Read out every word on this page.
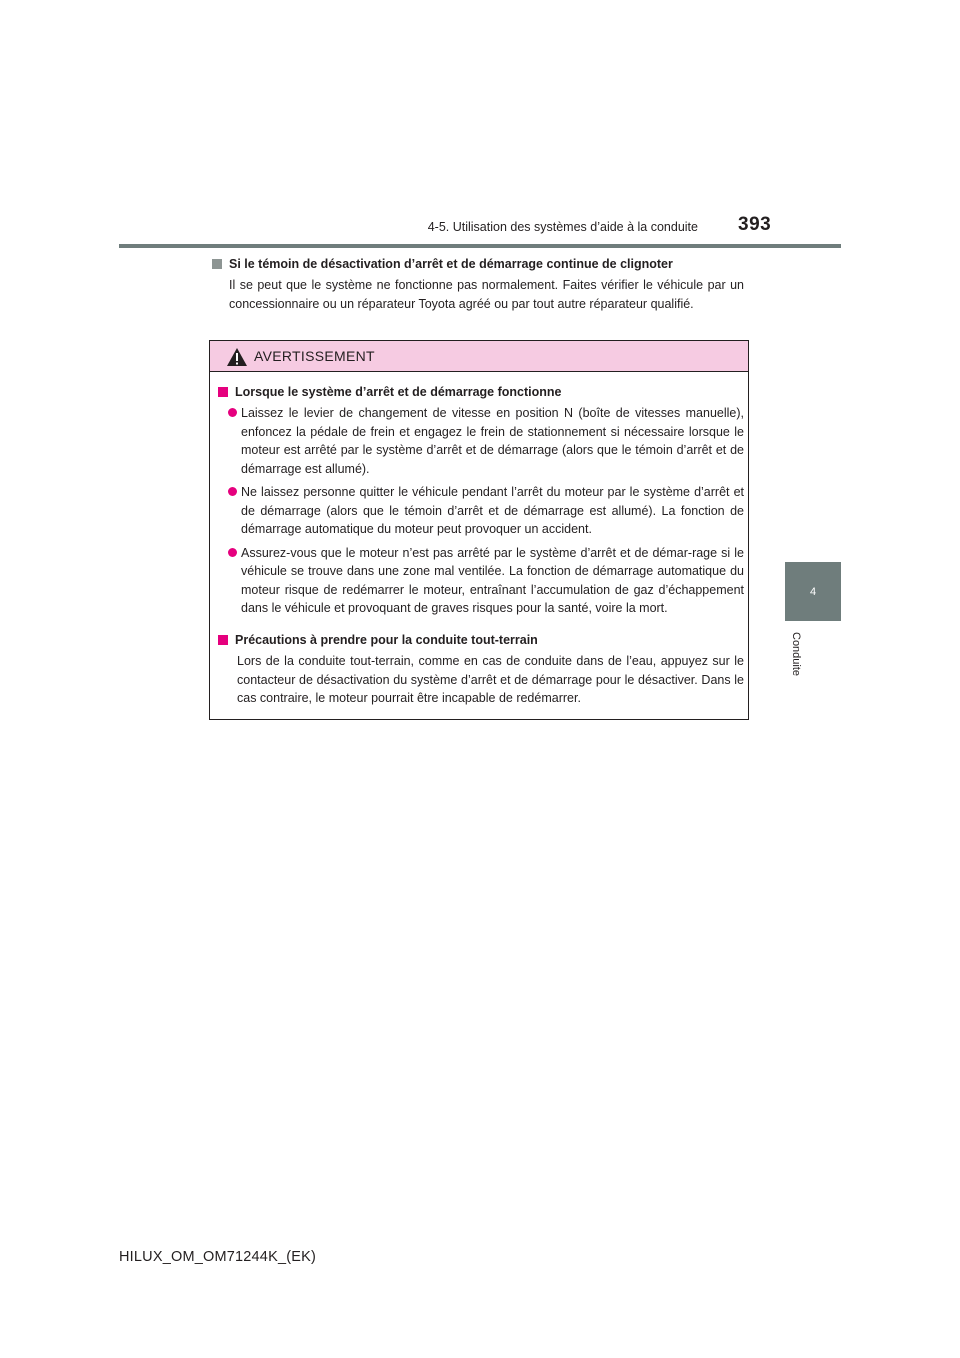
4-5. Utilisation des systèmes d’aide à la conduite 393
4
Conduite
Si le témoin de désactivation d’arrêt et de démarrage continue de clignoter
Il se peut que le système ne fonctionne pas normalement. Faites vérifier le véhicule par un concessionnaire ou un réparateur Toyota agréé ou par tout autre réparateur qualifié.
AVERTISSEMENT
Lorsque le système d’arrêt et de démarrage fonctionne
Laissez le levier de changement de vitesse en position N (boîte de vitesses manuelle), enfoncez la pédale de frein et engagez le frein de stationnement si nécessaire lorsque le moteur est arrêté par le système d’arrêt et de démarrage (alors que le témoin d’arrêt et de démarrage est allumé).
Ne laissez personne quitter le véhicule pendant l’arrêt du moteur par le système d’arrêt et de démarrage (alors que le témoin d’arrêt et de démarrage est allumé). La fonction de démarrage automatique du moteur peut provoquer un accident.
Assurez-vous que le moteur n’est pas arrêté par le système d’arrêt et de démar-rage si le véhicule se trouve dans une zone mal ventilée. La fonction de démarrage automatique du moteur risque de redémarrer le moteur, entraînant l’accumulation de gaz d’échappement dans le véhicule et provoquant de graves risques pour la santé, voire la mort.
Précautions à prendre pour la conduite tout-terrain
Lors de la conduite tout-terrain, comme en cas de conduite dans de l’eau, appuyez sur le contacteur de désactivation du système d’arrêt et de démarrage pour le désactiver. Dans le cas contraire, le moteur pourrait être incapable de redémarrer.
HILUX_OM_OM71244K_(EK)
